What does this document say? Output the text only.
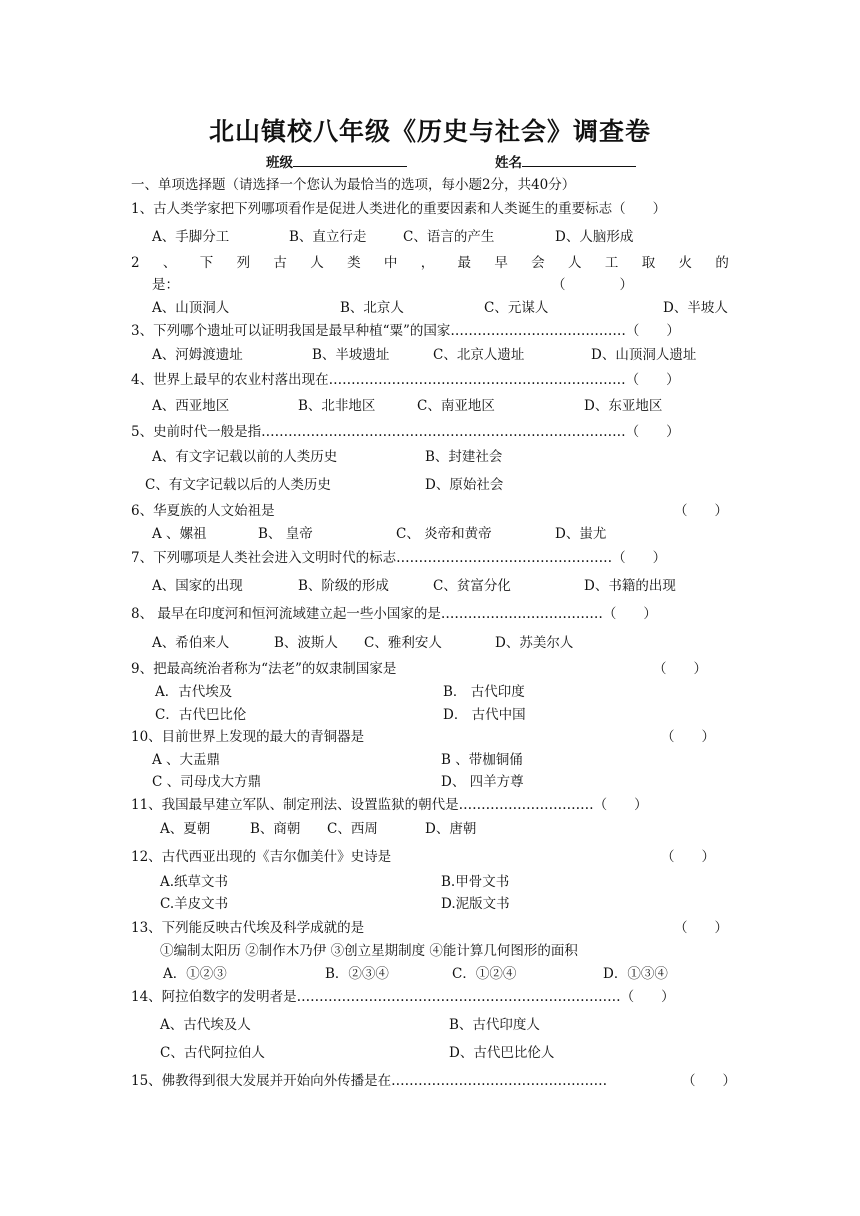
北山镇校八年级《历史与社会》调查卷
班级	姓名
一、单项选择题（请选择一个您认为最恰当的选项，每小题2分，共40分）
1、古人类学家把下列哪项看作是促进人类进化的重要因素和人类诞生的重要标志（　　）
A、手脚分工	B、直立行走	C、语言的产生	D、人脑形成
2 、 下 列 古 人 类 中 ， 最 早 会 人 工 取 火 的
是：	（　　　　）
A、山顶洞人	B、北京人	C、元谋人	D、半坡人
3、下列哪个遗址可以证明我国是最早种植“粟”的国家…………………………………（　　）
A、河姆渡遗址	B、半坡遗址	C、北京人遗址	D、山顶洞人遗址
4、世界上最早的农业村落出现在…………………………………………………………（　　）
A、西亚地区	B、北非地区	C、南亚地区	D、东亚地区
5、史前时代一般是指………………………………………………………………………（　　）
A、有文字记载以前的人类历史	B、封建社会
C、有文字记载以后的人类历史	D、原始社会
6、华夏族的人文始祖是	（　　）
A 、嫘祖	B、 皇帝	C、 炎帝和黄帝	D、蚩尤
7、下列哪项是人类社会进入文明时代的标志…………………………………………（　　）
A、国家的出现	B、阶级的形成	C、贫富分化	D、书籍的出现
8、 最早在印度河和恒河流域建立起一些小国家的是………………………………（　　）
A、希伯来人	B、波斯人 C、雅利安人	D、苏美尔人
9、把最高统治者称为“法老”的奴隶制国家是	（　　）
A．古代埃及	B． 古代印度
C．古代巴比伦	D． 古代中国
10、目前世界上发现的最大的青铜器是	（　　）
A 、大盂鼎	B 、带枷铜俑
C 、司母戊大方鼎	D、 四羊方尊
11、我国最早建立军队、制定刑法、设置监狱的朝代是…………………………（　　）
A、夏朝	B、商朝 C、西周	D、唐朝
12、古代西亚出现的《吉尔伽美什》史诗是	（　　）
A.纸草文书	B.甲骨文书
C.羊皮文书	D.泥版文书
13、下列能反映古代埃及科学成就的是	（　　）
①编制太阳历 ②制作木乃伊 ③创立星期制度 ④能计算几何图形的面积
A．①②③	B．②③④	C．①②④	D．①③④
14、阿拉伯数字的发明者是………………………………………………………………（　　）
A、古代埃及人	B、古代印度人
C、古代阿拉伯人	D、古代巴比伦人
15、佛教得到很大发展并开始向外传播是在…………………………………………	（　　）
